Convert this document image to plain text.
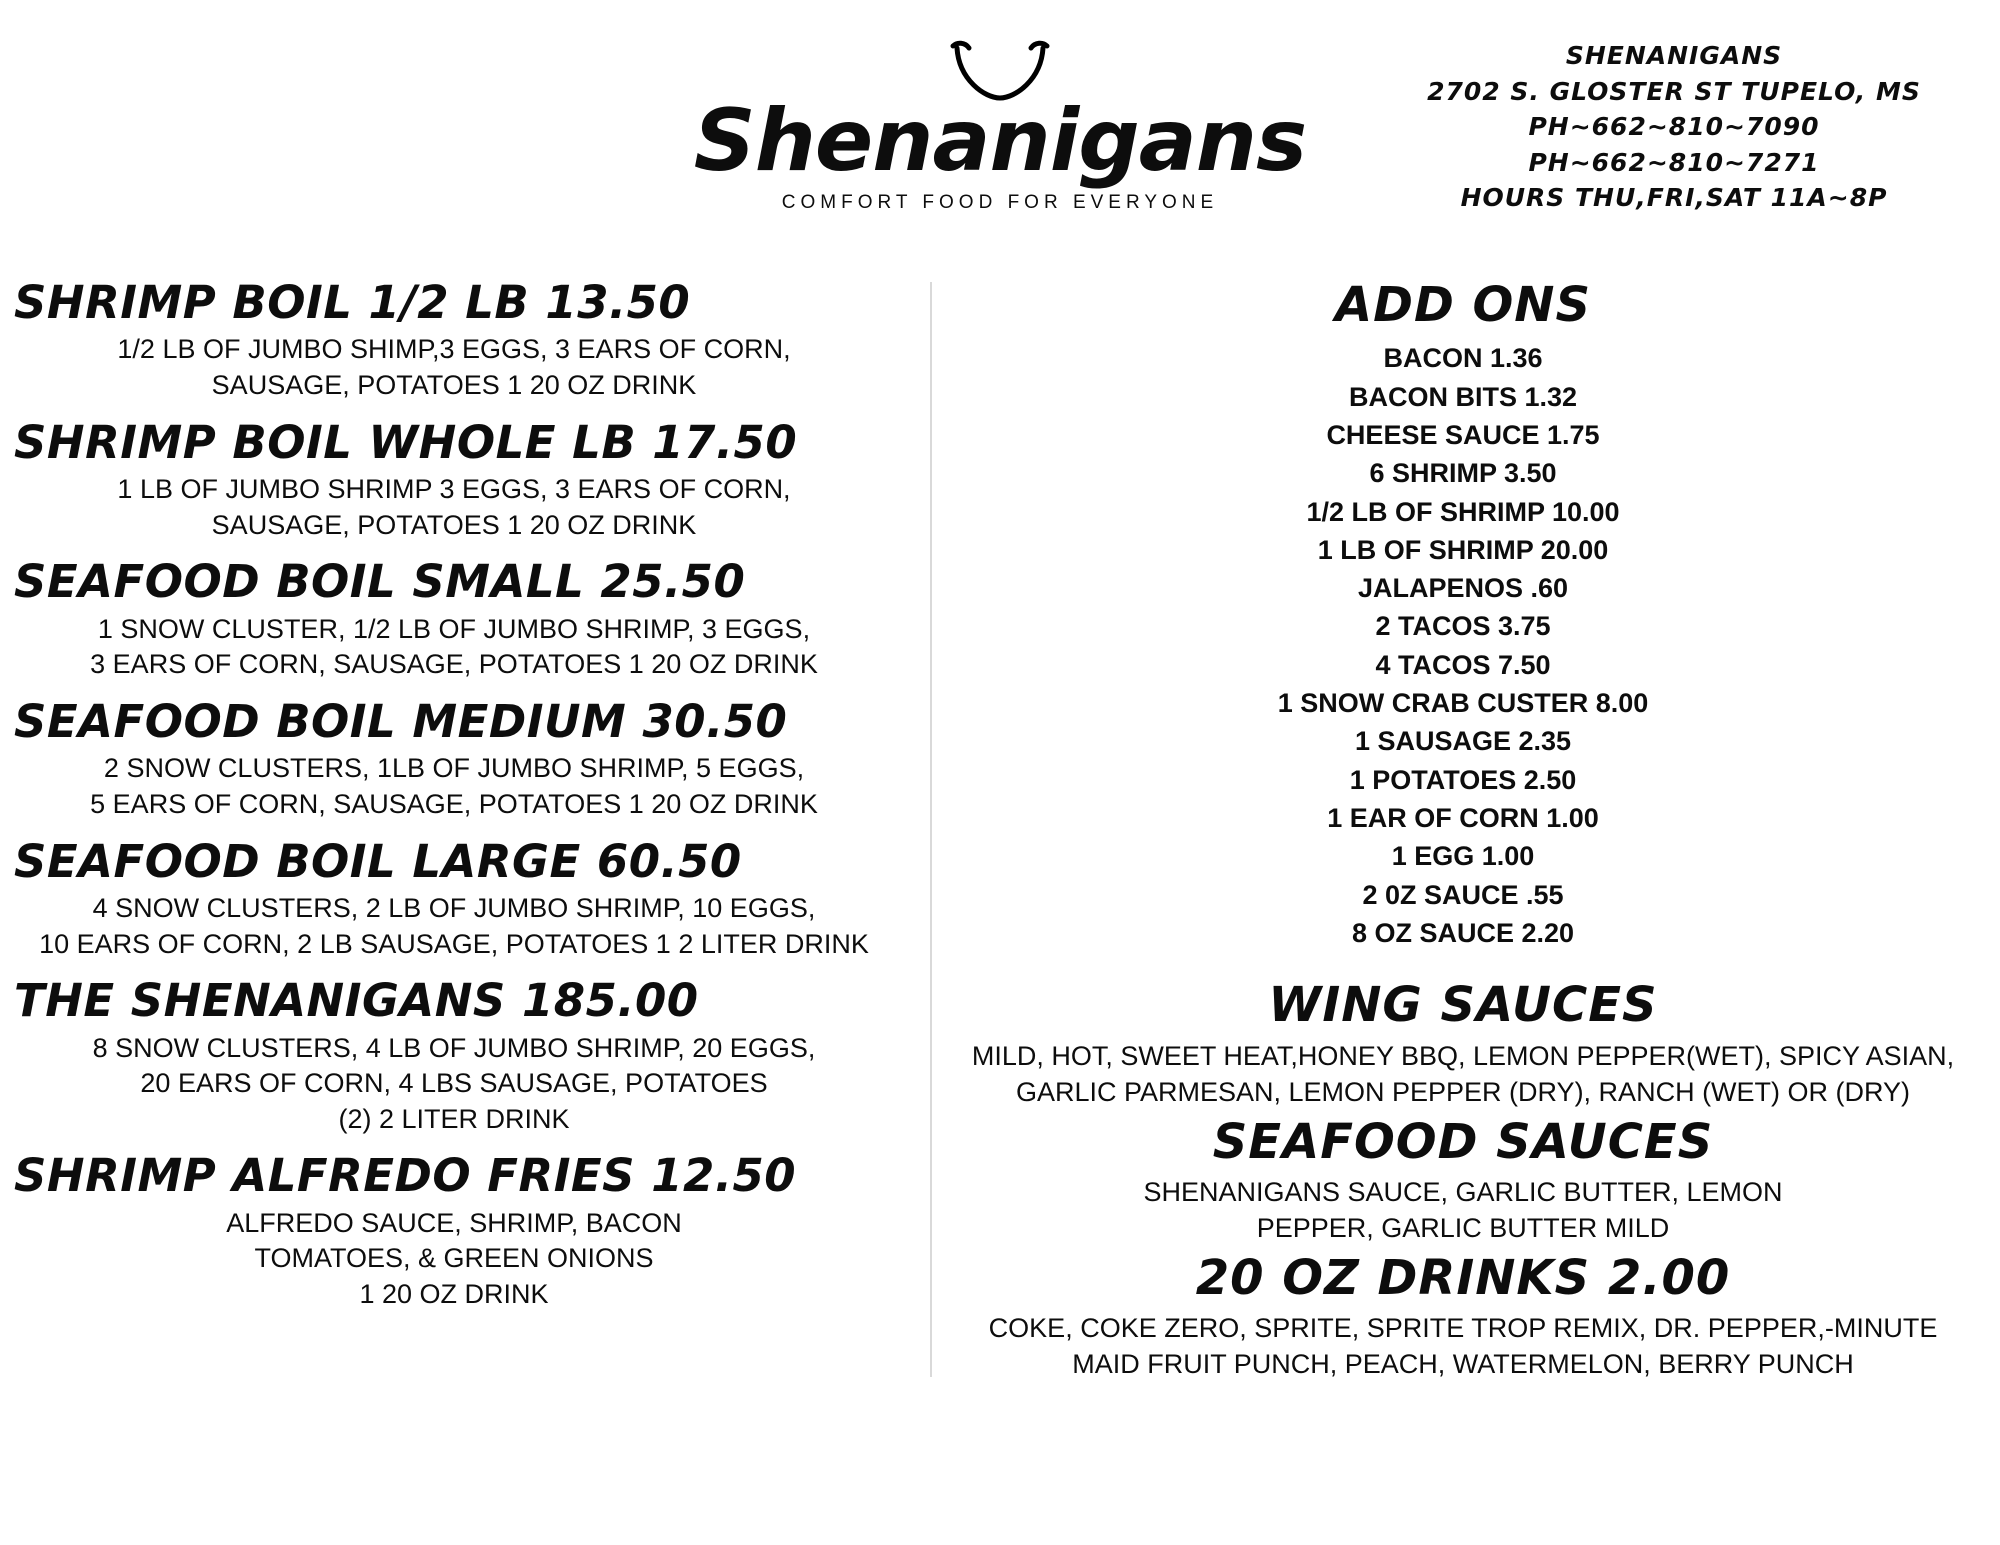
Shenanigans
COMFORT FOOD FOR EVERYONE
SHENANIGANS
2702 S. GLOSTER ST TUPELO, MS
PH~662~810~7090
PH~662~810~7271
HOURS THU,FRI,SAT 11A~8P
SHRIMP BOIL 1/2 LB 13.50
1/2 LB OF JUMBO SHIMP,3 EGGS, 3 EARS OF CORN,
SAUSAGE, POTATOES 1 20 OZ DRINK
SHRIMP BOIL WHOLE LB 17.50
1 LB OF JUMBO SHRIMP 3 EGGS, 3 EARS OF CORN,
SAUSAGE, POTATOES 1 20 OZ DRINK
SEAFOOD BOIL SMALL 25.50
1 SNOW CLUSTER, 1/2 LB OF JUMBO SHRIMP, 3 EGGS,
3 EARS OF CORN, SAUSAGE, POTATOES 1 20 OZ DRINK
SEAFOOD BOIL MEDIUM 30.50
2 SNOW CLUSTERS, 1LB OF JUMBO SHRIMP, 5 EGGS,
5 EARS OF CORN, SAUSAGE, POTATOES 1 20 OZ DRINK
SEAFOOD BOIL LARGE 60.50
4 SNOW CLUSTERS, 2 LB OF JUMBO SHRIMP, 10 EGGS,
10 EARS OF CORN, 2 LB SAUSAGE, POTATOES 1 2 LITER DRINK
THE SHENANIGANS 185.00
8 SNOW CLUSTERS, 4 LB OF JUMBO SHRIMP, 20 EGGS,
20 EARS OF CORN, 4 LBS SAUSAGE, POTATOES
(2) 2 LITER DRINK
SHRIMP ALFREDO FRIES 12.50
ALFREDO SAUCE, SHRIMP, BACON
TOMATOES, & GREEN ONIONS
1 20 OZ DRINK
ADD ONS
BACON 1.36
BACON BITS 1.32
CHEESE SAUCE 1.75
6 SHRIMP 3.50
1/2 LB OF SHRIMP 10.00
1 LB OF SHRIMP 20.00
JALAPENOS .60
2 TACOS 3.75
4 TACOS 7.50
1 SNOW CRAB CUSTER 8.00
1 SAUSAGE 2.35
1 POTATOES 2.50
1 EAR OF CORN 1.00
1 EGG 1.00
2 0Z SAUCE .55
8 OZ SAUCE 2.20
WING SAUCES
MILD, HOT, SWEET HEAT,HONEY BBQ, LEMON PEPPER(WET), SPICY ASIAN,
GARLIC PARMESAN, LEMON PEPPER (DRY), RANCH (WET) OR (DRY)
SEAFOOD SAUCES
SHENANIGANS SAUCE, GARLIC BUTTER, LEMON
PEPPER, GARLIC BUTTER MILD
20 OZ DRINKS 2.00
COKE, COKE ZERO, SPRITE, SPRITE TROP REMIX, DR. PEPPER,-MINUTE
MAID FRUIT PUNCH, PEACH, WATERMELON, BERRY PUNCH
